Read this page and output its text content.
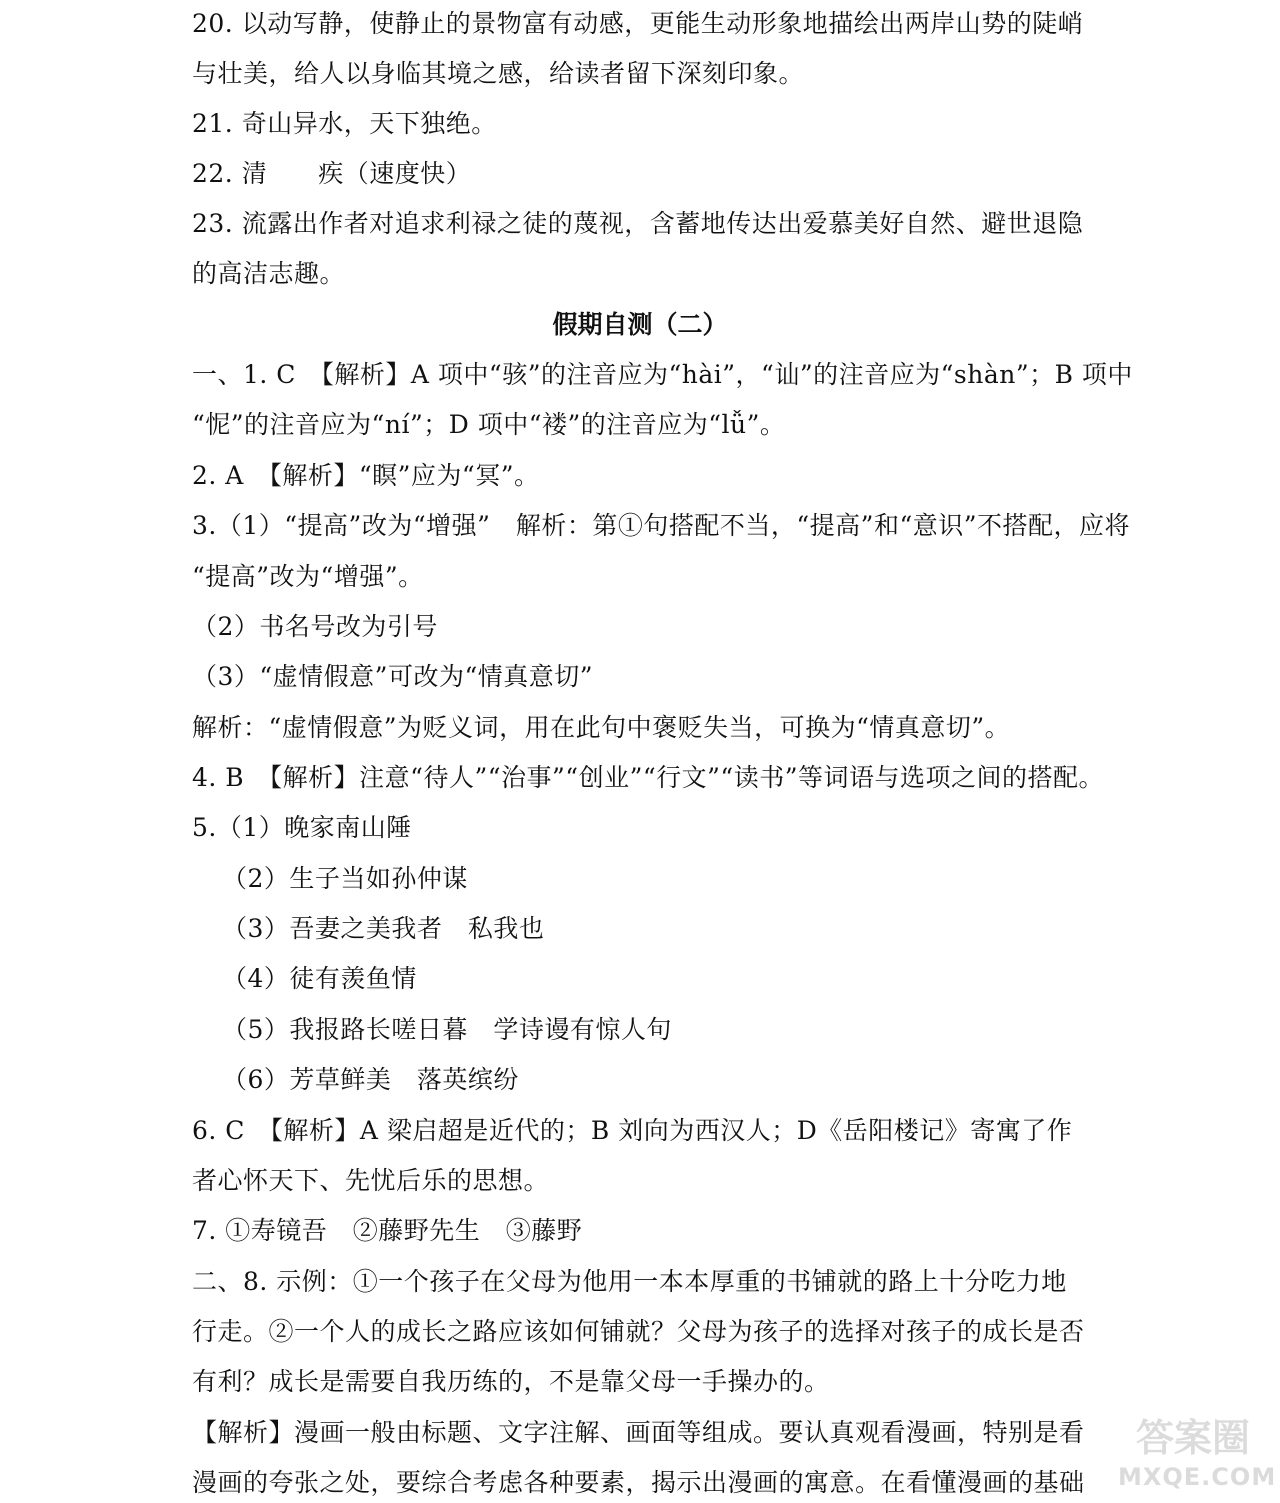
20. 以动写静，使静止的景物富有动感，更能生动形象地描绘出两岸山势的陡峭
与壮美，给人以身临其境之感，给读者留下深刻印象。
21. 奇山异水，天下独绝。
22. 清　　疾（速度快）
23. 流露出作者对追求利禄之徒的蔑视，含蓄地传达出爱慕美好自然、避世退隐
的高洁志趣。
假期自测（二）
一、1. C　【解析】A 项中“骇”的注音应为“hài”，“讪”的注音应为“shàn”；B 项中
“怩”的注音应为“ní”；D 项中“褛”的注音应为“lǚ”。
2. A　【解析】“瞑”应为“冥”。
3.（1）“提高”改为“增强”　解析：第①句搭配不当，“提高”和“意识”不搭配，应将
“提高”改为“增强”。
（2）书名号改为引号
（3）“虚情假意”可改为“情真意切”
解析：“虚情假意”为贬义词，用在此句中褒贬失当，可换为“情真意切”。
4. B　【解析】注意“待人”“治事”“创业”“行文”“读书”等词语与选项之间的搭配。
5.（1）晚家南山陲
（2）生子当如孙仲谋
（3）吾妻之美我者　私我也
（4）徒有羡鱼情
（5）我报路长嗟日暮　学诗谩有惊人句
（6）芳草鲜美　落英缤纷
6. C　【解析】A 梁启超是近代的；B 刘向为西汉人；D《岳阳楼记》寄寓了作
者心怀天下、先忧后乐的思想。
7. ①寿镜吾　②藤野先生　③藤野
二、8. 示例：①一个孩子在父母为他用一本本厚重的书铺就的路上十分吃力地
行走。②一个人的成长之路应该如何铺就？父母为孩子的选择对孩子的成长是否
有利？成长是需要自我历练的，不是靠父母一手操办的。
【解析】漫画一般由标题、文字注解、画面等组成。要认真观看漫画，特别是看
漫画的夸张之处，要综合考虑各种要素，揭示出漫画的寓意。在看懂漫画的基础
答案圈
MXQE.COM
